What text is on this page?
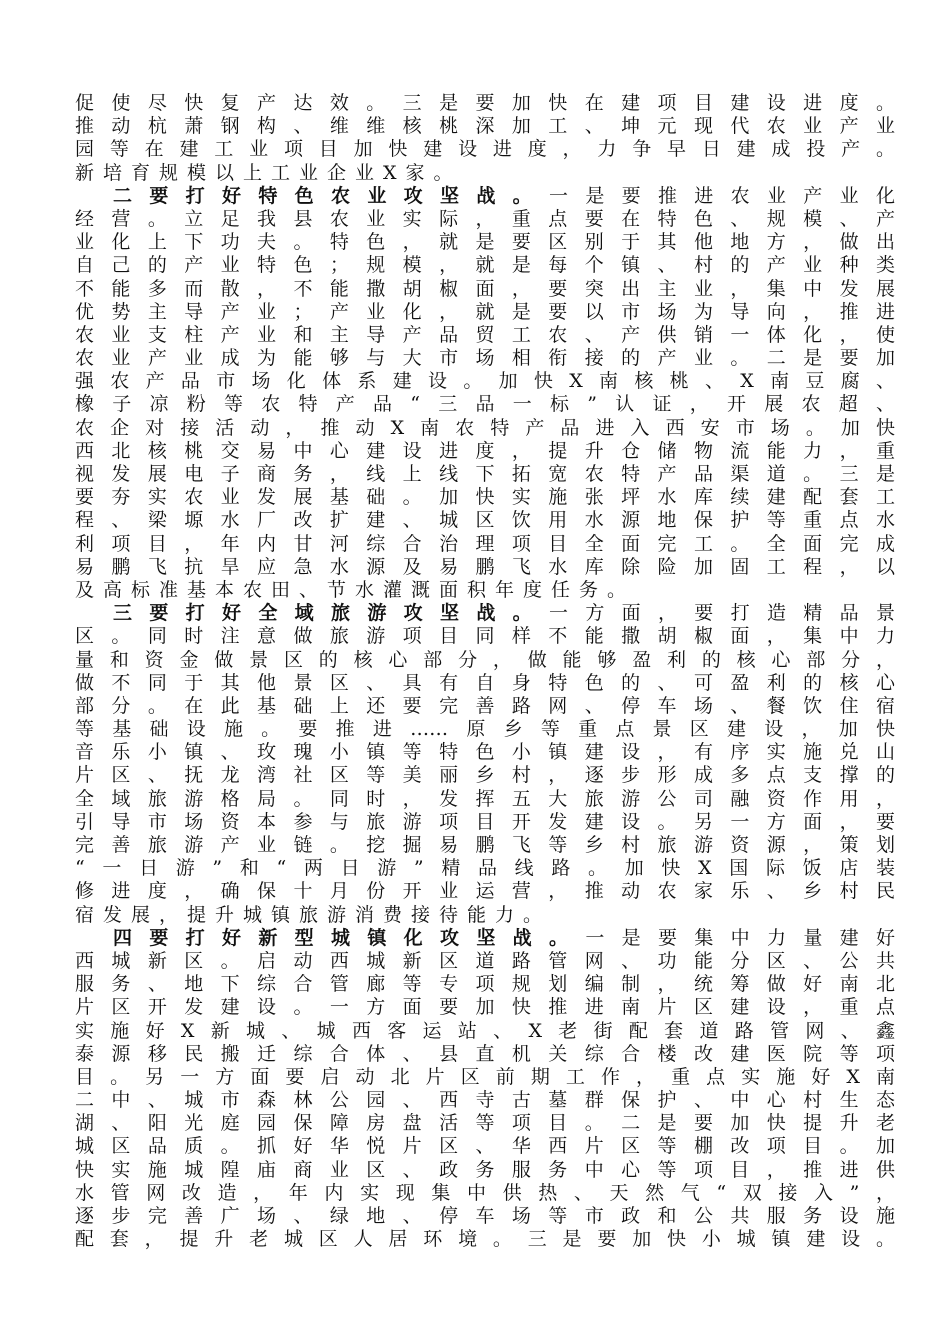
促使尽快复产达效。三是要加快在建项目建设进度。
推动杭萧钢构、维维核桃深加工、坤元现代农业产业
园等在建工业项目加快建设进度，力争早日建成投产。
新培育规模以上工业企业X家。
二要打好特色农业攻坚战。一是要推进农业产业化
经营。立足我县农业实际，重点要在特色、规模、产
业化上下功夫。特色，就是要区别于其他地方，做出
自己的产业特色；规模，就是每个镇、村的产业种类
不能多而散，不能撒胡椒面，要突出主业，集中发展
优势主导产业；产业化，就是要以市场为导向，推进
农业支柱产业和主导产品贸工农、产供销一体化，使
农业产业成为能够与大市场相衔接的产业。二是要加
强农产品市场化体系建设。加快X南核桃、X南豆腐、
橡子凉粉等农特产品“三品一标”认证，开展农超、
农企对接活动，推动X南农特产品进入西安市场。加快
西北核桃交易中心建设进度，提升仓储物流能力，重
视发展电子商务，线上线下拓宽农特产品渠道。三是
要夯实农业发展基础。加快实施张坪水库续建配套工
程、梁塬水厂改扩建、城区饮用水源地保护等重点水
利项目，年内甘河综合治理项目全面完工。全面完成
易鹏飞抗旱应急水源及易鹏飞水库除险加固工程，以
及高标准基本农田、节水灌溉面积年度任务。
三要打好全域旅游攻坚战。一方面，要打造精品景
区。同时注意做旅游项目同样不能撒胡椒面，集中力
量和资金做景区的核心部分，做能够盈利的核心部分，
做不同于其他景区、具有自身特色的、可盈利的核心
部分。在此基础上还要完善路网、停车场、餐饮住宿
等基础设施。要推进……原乡等重点景区建设，加快
音乐小镇、玫瑰小镇等特色小镇建设，有序实施兑山
片区、抚龙湾社区等美丽乡村，逐步形成多点支撑的
全域旅游格局。同时，发挥五大旅游公司融资作用，
引导市场资本参与旅游项目开发建设。另一方面，要
完善旅游产业链。挖掘易鹏飞等乡村旅游资源，策划
“一日游”和“两日游”精品线路。加快X国际饭店装
修进度，确保十月份开业运营，推动农家乐、乡村民
宿发展，提升城镇旅游消费接待能力。
四要打好新型城镇化攻坚战。一是要集中力量建好
西城新区。启动西城新区道路管网、功能分区、公共
服务、地下综合管廊等专项规划编制，统筹做好南北
片区开发建设。一方面要加快推进南片区建设，重点
实施好X新城、城西客运站、X老街配套道路管网、鑫
泰源移民搬迁综合体、县直机关综合楼改建医院等项
目。另一方面要启动北片区前期工作，重点实施好X南
二中、城市森林公园、西寺古墓群保护、中心村生态
湖、阳光庭园保障房盘活等项目。二是要加快提升老
城区品质。抓好华悦片区、华西片区等棚改项目。加
快实施城隍庙商业区、政务服务中心等项目，推进供
水管网改造，年内实现集中供热、天然气“双接入”，
逐步完善广场、绿地、停车场等市政和公共服务设施
配套，提升老城区人居环境。三是要加快小城镇建设。
